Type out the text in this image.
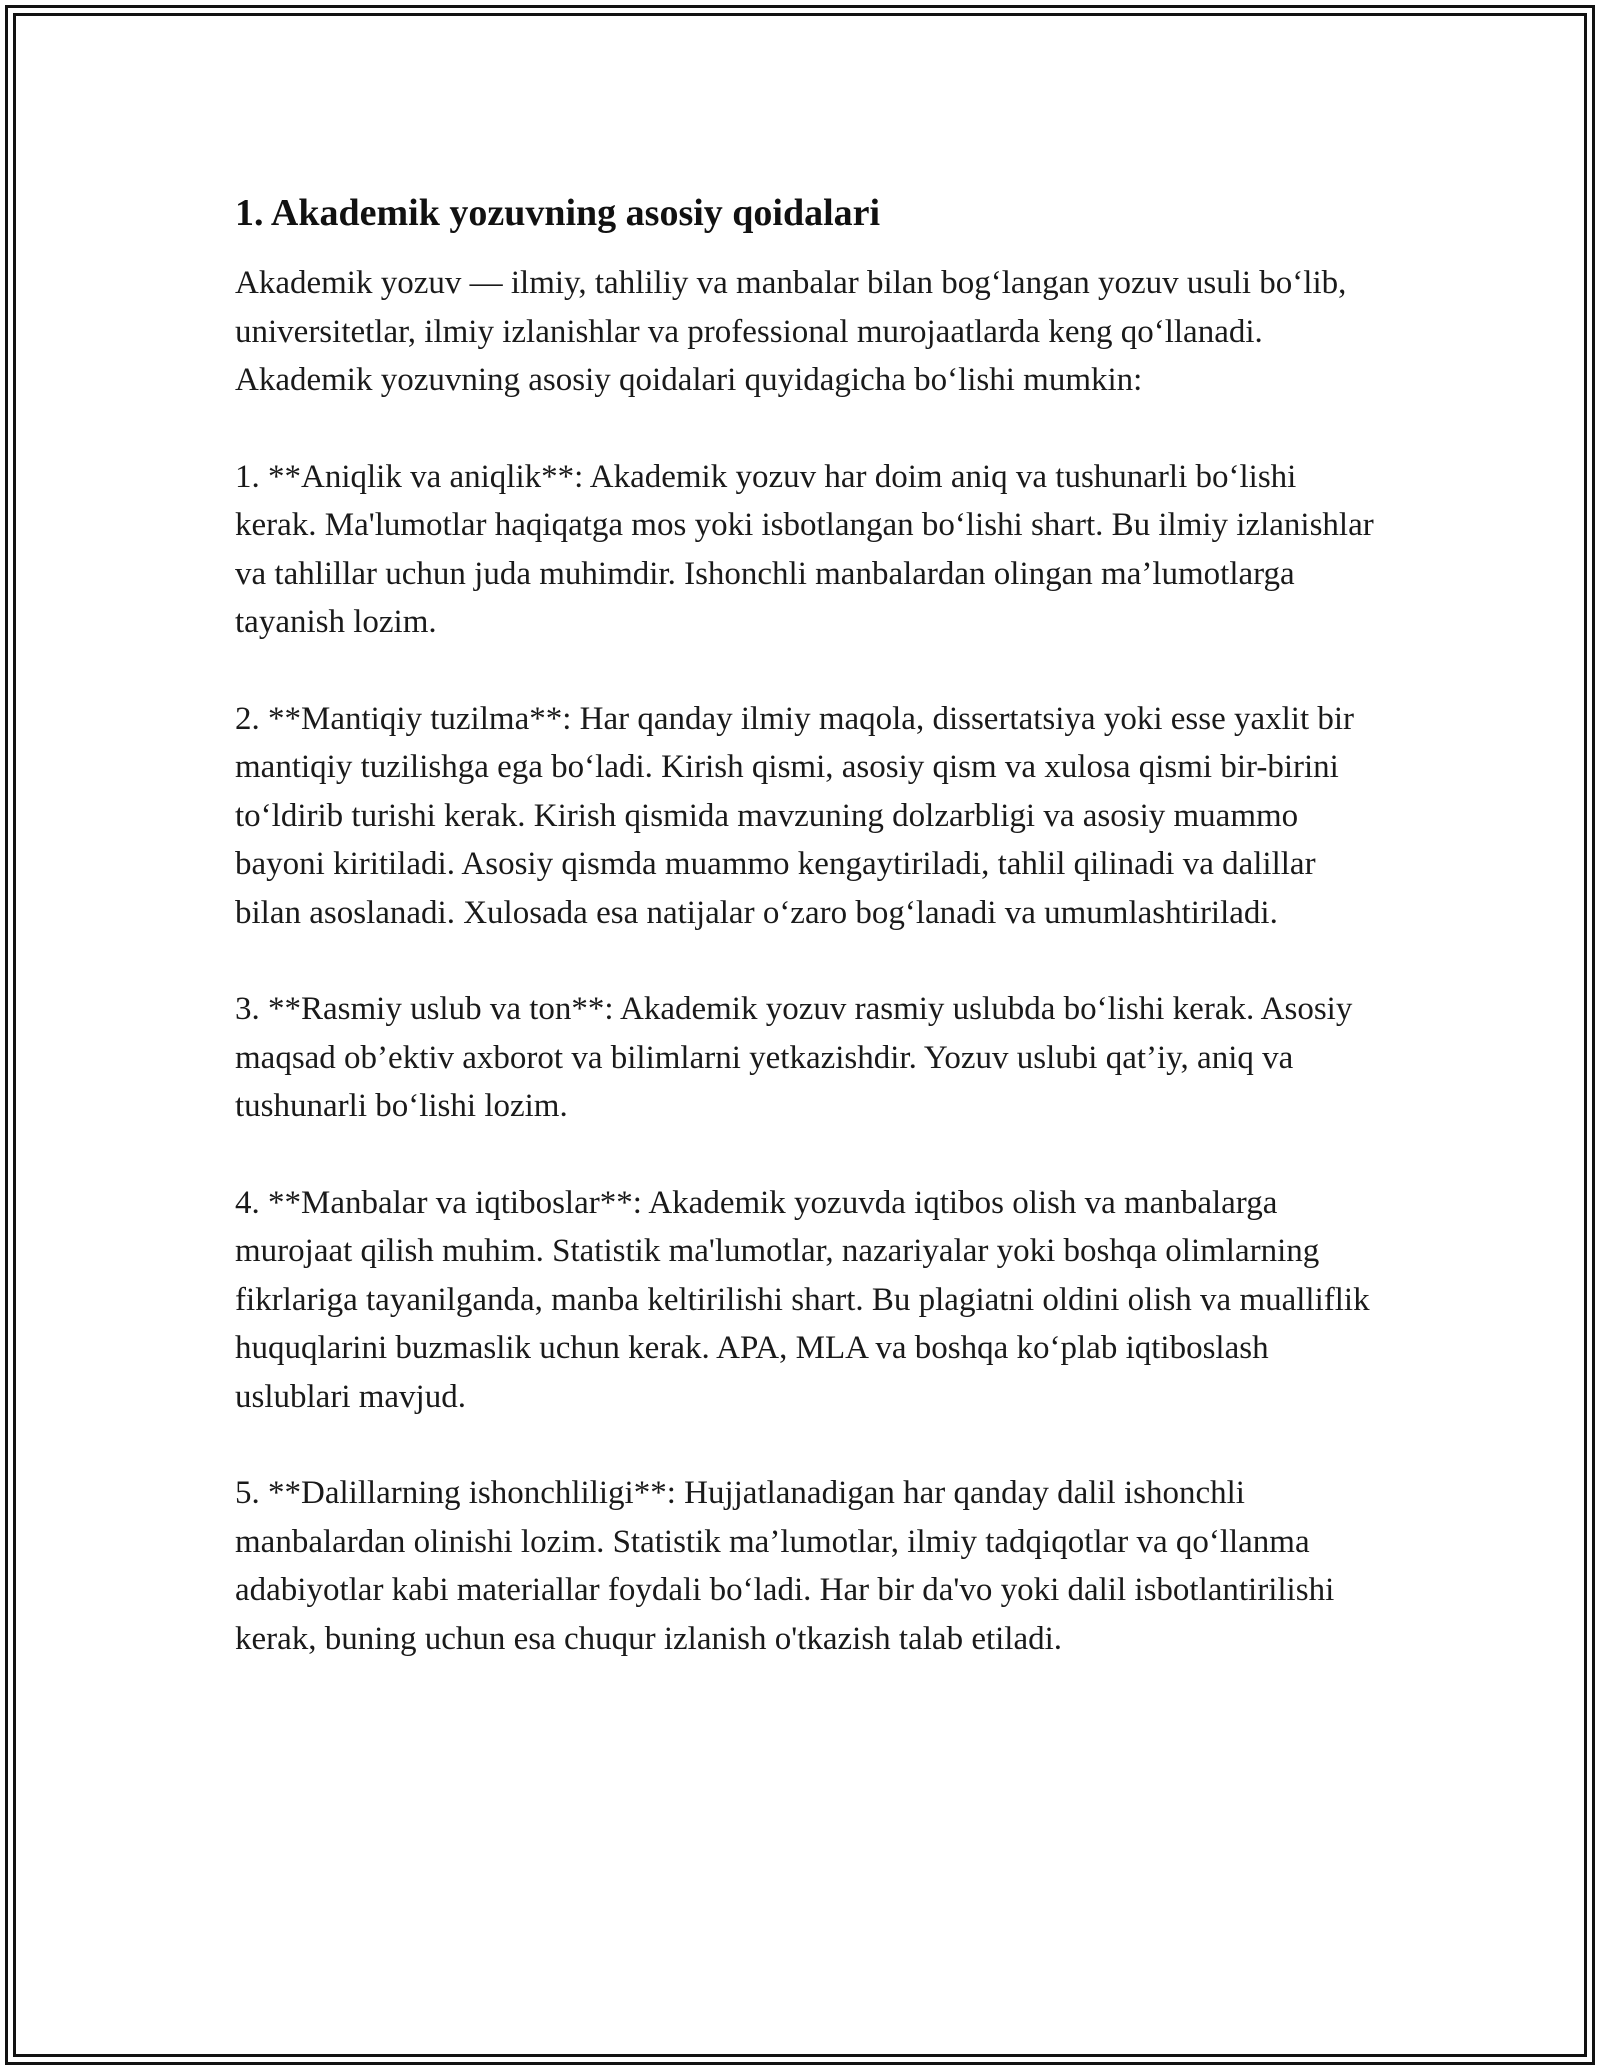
1. Akademik yozuvning asosiy qoidalari

Akademik yozuv — ilmiy, tahliliy va manbalar bilan bog‘langan yozuv usuli bo‘lib, universitetlar, ilmiy izlanishlar va professional murojaatlarda keng qo‘llanadi. Akademik yozuvning asosiy qoidalari quyidagicha bo‘lishi mumkin:

1. **Aniqlik va aniqlik**: Akademik yozuv har doim aniq va tushunarli bo‘lishi kerak. Ma'lumotlar haqiqatga mos yoki isbotlangan bo‘lishi shart. Bu ilmiy izlanishlar va tahlillar uchun juda muhimdir. Ishonchli manbalardan olingan ma’lumotlarga tayanish lozim.

2. **Mantiqiy tuzilma**: Har qanday ilmiy maqola, dissertatsiya yoki esse yaxlit bir mantiqiy tuzilishga ega bo‘ladi. Kirish qismi, asosiy qism va xulosa qismi bir-birini to‘ldirib turishi kerak. Kirish qismida mavzuning dolzarbligi va asosiy muammo bayoni kiritiladi. Asosiy qismda muammo kengaytiriladi, tahlil qilinadi va dalillar bilan asoslanadi. Xulosada esa natijalar o‘zaro bog‘lanadi va umumlashtiriladi.

3. **Rasmiy uslub va ton**: Akademik yozuv rasmiy uslubda bo‘lishi kerak. Asosiy maqsad ob’ektiv axborot va bilimlarni yetkazishdir. Yozuv uslubi qat’iy, aniq va tushunarli bo‘lishi lozim.

4. **Manbalar va iqtiboslar**: Akademik yozuvda iqtibos olish va manbalarga murojaat qilish muhim. Statistik ma'lumotlar, nazariyalar yoki boshqa olimlarning fikrlariga tayanilganda, manba keltirilishi shart. Bu plagiatni oldini olish va mualliflik huquqlarini buzmaslik uchun kerak. APA, MLA va boshqa ko‘plab iqtiboslash uslublari mavjud.

5. **Dalillarning ishonchliligi**: Hujjatlanadigan har qanday dalil ishonchli manbalardan olinishi lozim. Statistik ma’lumotlar, ilmiy tadqiqotlar va qo‘llanma adabiyotlar kabi materiallar foydali bo‘ladi. Har bir da'vo yoki dalil isbotlantirilishi kerak, buning uchun esa chuqur izlanish o'tkazish talab etiladi.
